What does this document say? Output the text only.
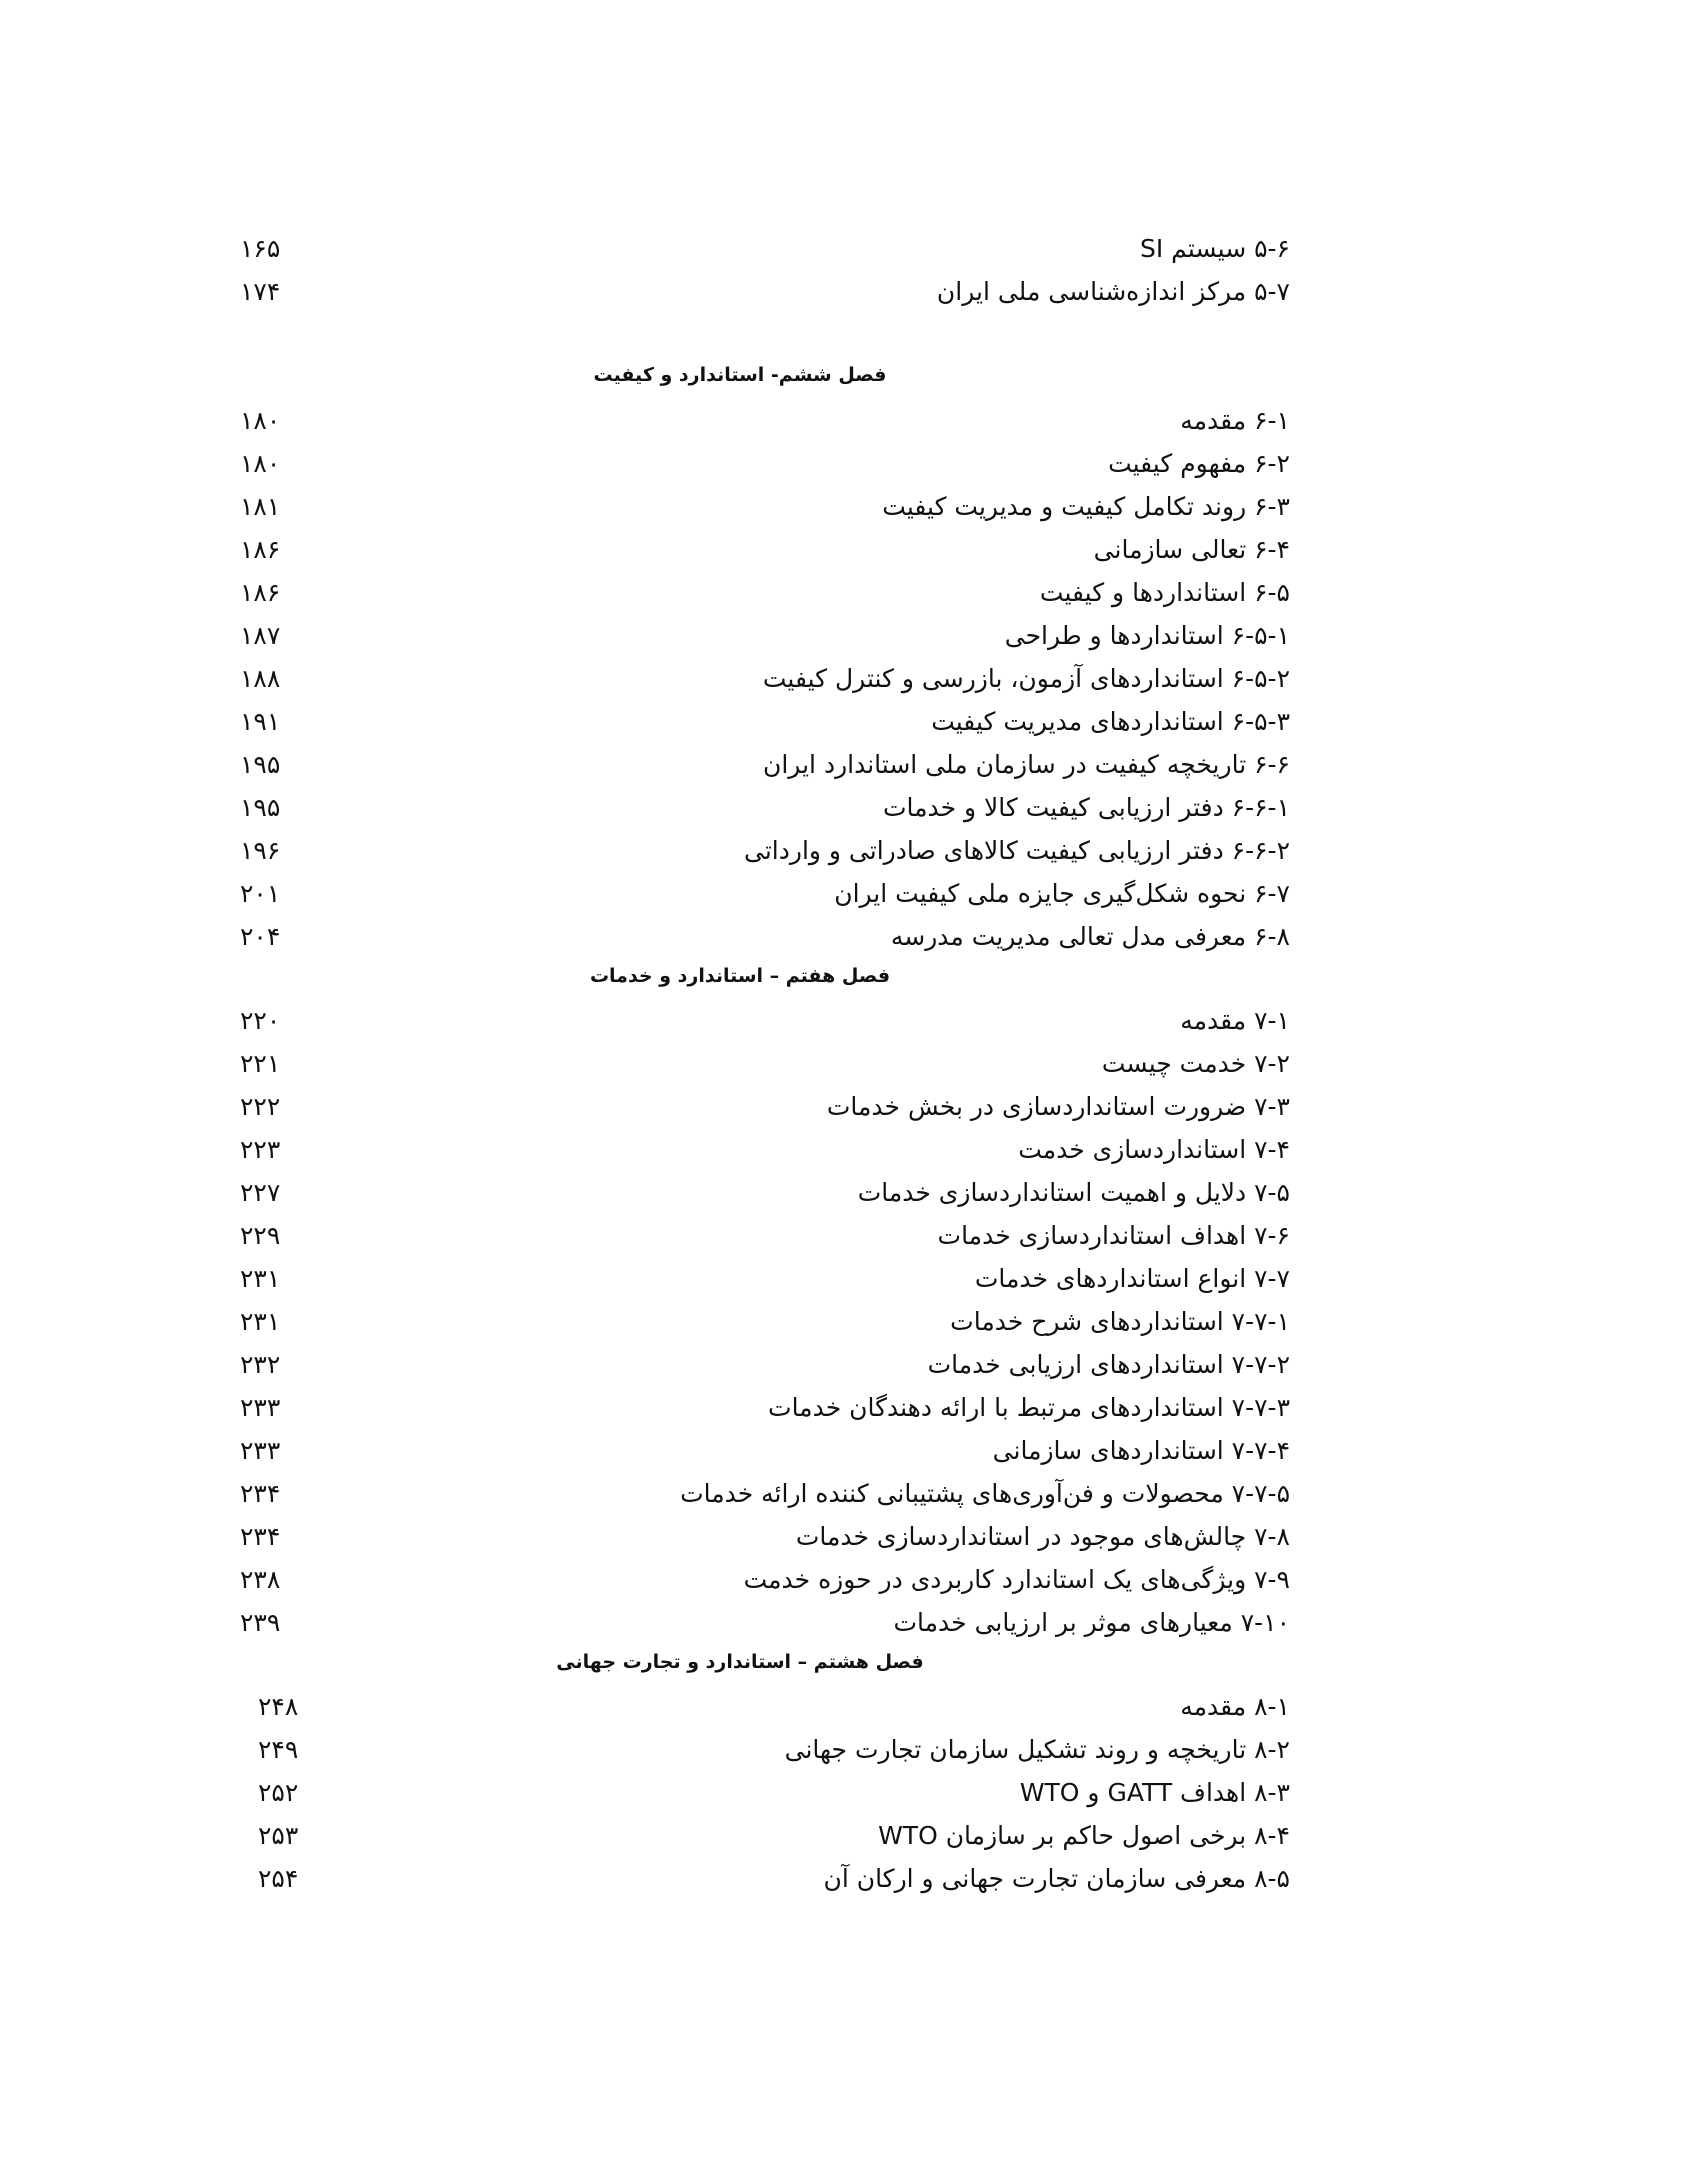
۵-۶ سیستم SI
۱۶۵
۵-۷ مرکز اندازه‌شناسی ملی ایران
۱۷۴
فصل ششم- استاندارد و کیفیت
۶-۱ مقدمه
۱۸۰
۶-۲ مفهوم کیفیت
۱۸۰
۶-۳ روند تکامل کیفیت و مدیریت کیفیت
۱۸۱
۶-۴ تعالی سازمانی
۱۸۶
۶-۵ استانداردها و کیفیت
۱۸۶
۶-۵-۱ استانداردها و طراحی
۱۸۷
۶-۵-۲ استانداردهای آزمون، بازرسی و کنترل کیفیت
۱۸۸
۶-۵-۳ استانداردهای مدیریت کیفیت
۱۹۱
۶-۶ تاریخچه کیفیت در سازمان ملی استاندارد ایران
۱۹۵
۶-۶-۱ دفتر ارزیابی کیفیت کالا و خدمات
۱۹۵
۶-۶-۲ دفتر ارزیابی کیفیت کالاهای صادراتی و وارداتی
۱۹۶
۶-۷ نحوه شکل‌گیری جایزه ملی کیفیت ایران
۲۰۱
۶-۸ معرفی مدل تعالی مدیریت مدرسه
۲۰۴
فصل هفتم – استاندارد و خدمات
۷-۱ مقدمه
۲۲۰
۷-۲ خدمت چیست
۲۲۱
۷-۳ ضرورت استانداردسازی در بخش خدمات
۲۲۲
۷-۴ استانداردسازی خدمت
۲۲۳
۷-۵ دلایل و اهمیت استانداردسازی خدمات
۲۲۷
۷-۶ اهداف استانداردسازی خدمات
۲۲۹
۷-۷ انواع استانداردهای خدمات
۲۳۱
۷-۷-۱ استانداردهای شرح خدمات
۲۳۱
۷-۷-۲ استانداردهای ارزیابی خدمات
۲۳۲
۷-۷-۳ استانداردهای مرتبط با ارائه دهندگان خدمات
۲۳۳
۷-۷-۴ استانداردهای سازمانی
۲۳۳
۷-۷-۵ محصولات و فن‌آوری‌های پشتیبانی کننده ارائه خدمات
۲۳۴
۷-۸ چالش‌های موجود در استانداردسازی خدمات
۲۳۴
۷-۹ ویژگی‌های یک استاندارد کاربردی در حوزه خدمت
۲۳۸
۷-۱۰ معیارهای موثر بر ارزیابی خدمات
۲۳۹
فصل هشتم – استاندارد و تجارت جهانی
۸-۱ مقدمه
۲۴۸
۸-۲ تاریخچه و روند تشکیل سازمان تجارت جهانی
۲۴۹
۸-۳ اهداف GATT و WTO
۲۵۲
۸-۴ برخی اصول حاکم بر سازمان WTO
۲۵۳
۸-۵ معرفی سازمان تجارت جهانی و ارکان آن
۲۵۴
